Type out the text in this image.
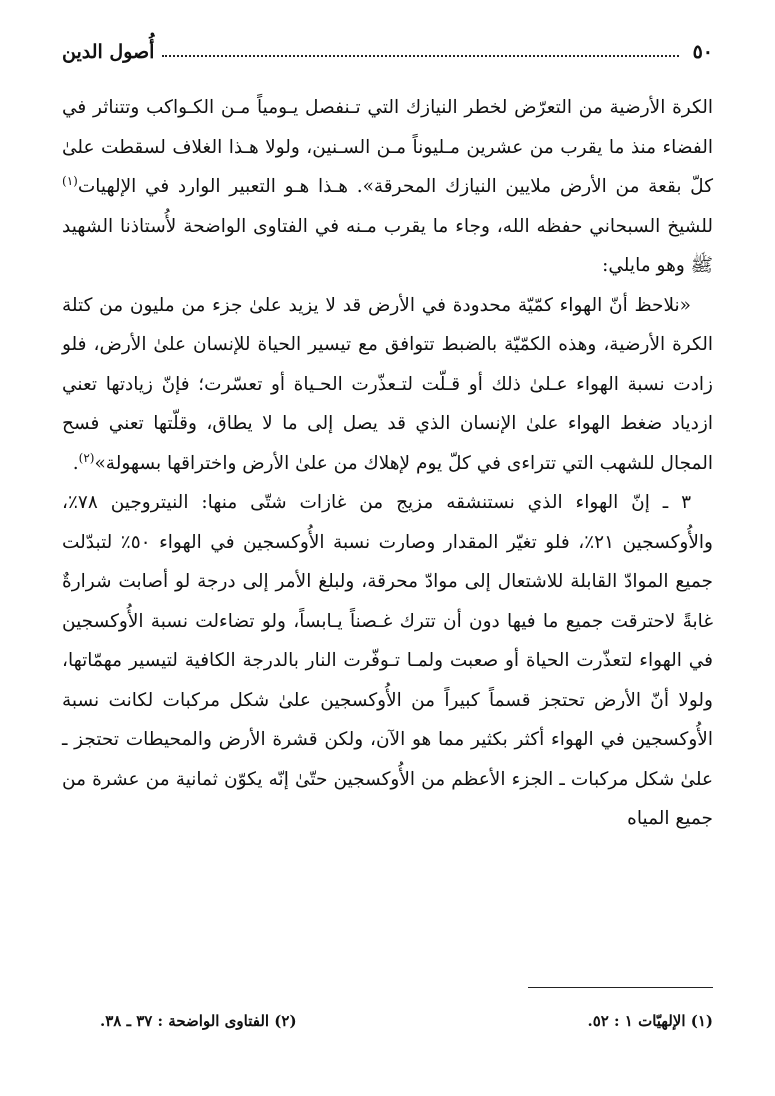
٥٠
أُصول الدين

الكرة الأرضية من التعرّض لخطر النيازك التي تـنفصل يـومياً مـن الكـواكب وتتناثر في الفضاء منذ ما يقرب من عشرين مـليوناً مـن السـنين، ولولا هـذا الغلاف لسقطت علىٰ كلّ بقعة من الأرض ملايين النيازك المحرقة». هـذا هـو التعبير الوارد في الإلهيات$^{(١)}$ للشيخ السبحاني حفظه الله، وجاء ما يقرب مـنه في الفتاوى الواضحة لأُستاذنا الشهيد ﷺ وهو مايلي:

«نلاحظ أنّ الهواء كمّيّة محدودة في الأرض قد لا يزيد علىٰ جزء من مليون من كتلة الكرة الأرضية، وهذه الكمّيّة بالضبط تتوافق مع تيسير الحياة للإنسان علىٰ الأرض، فلو زادت نسبة الهواء عـلىٰ ذلك أو قـلّت لتـعذّرت الحـياة أو تعسّرت؛ فإنّ زيادتها تعني ازدياد ضغط الهواء علىٰ الإنسان الذي قد يصل إلى ما لا يطاق، وقلّتها تعني فسح المجال للشهب التي تتراءى في كلّ يوم لإهلاك من علىٰ الأرض واختراقها بسهولة»$^{(٢)}$.

٣ ـ إنّ الهواء الذي نستنشقه مزيج من غازات شتّى منها: النيتروجين ٧٨٪، والأُوكسجين ٢١٪، فلو تغيّر المقدار وصارت نسبة الأُوكسجين في الهواء ٥٠٪ لتبدّلت جميع الموادّ القابلة للاشتعال إلى موادّ محرقة، ولبلغ الأمر إلى درجة لو أصابت شرارةٌ غابةً لاحترقت جميع ما فيها دون أن تترك غـصناً يـابساً، ولو تضاءلت نسبة الأُوكسجين في الهواء لتعذّرت الحياة أو صعبت ولمـا تـوفّرت النار بالدرجة الكافية لتيسير مهمّاتها، ولولا أنّ الأرض تحتجز قسماً كبيراً من الأُوكسجين علىٰ شكل مركبات لكانت نسبة الأُوكسجين في الهواء أكثر بكثير مما هو الآن، ولكن قشرة الأرض والمحيطات تحتجز ـ علىٰ شكل مركبات ـ الجزء الأعظم من الأُوكسجين حتّىٰ إنّه يكوّن ثمانية من عشرة من جميع المياه

(١) الإلهيّات ١ : ٥٢.
(٢) الفتاوى الواضحة : ٣٧ ـ ٣٨.
